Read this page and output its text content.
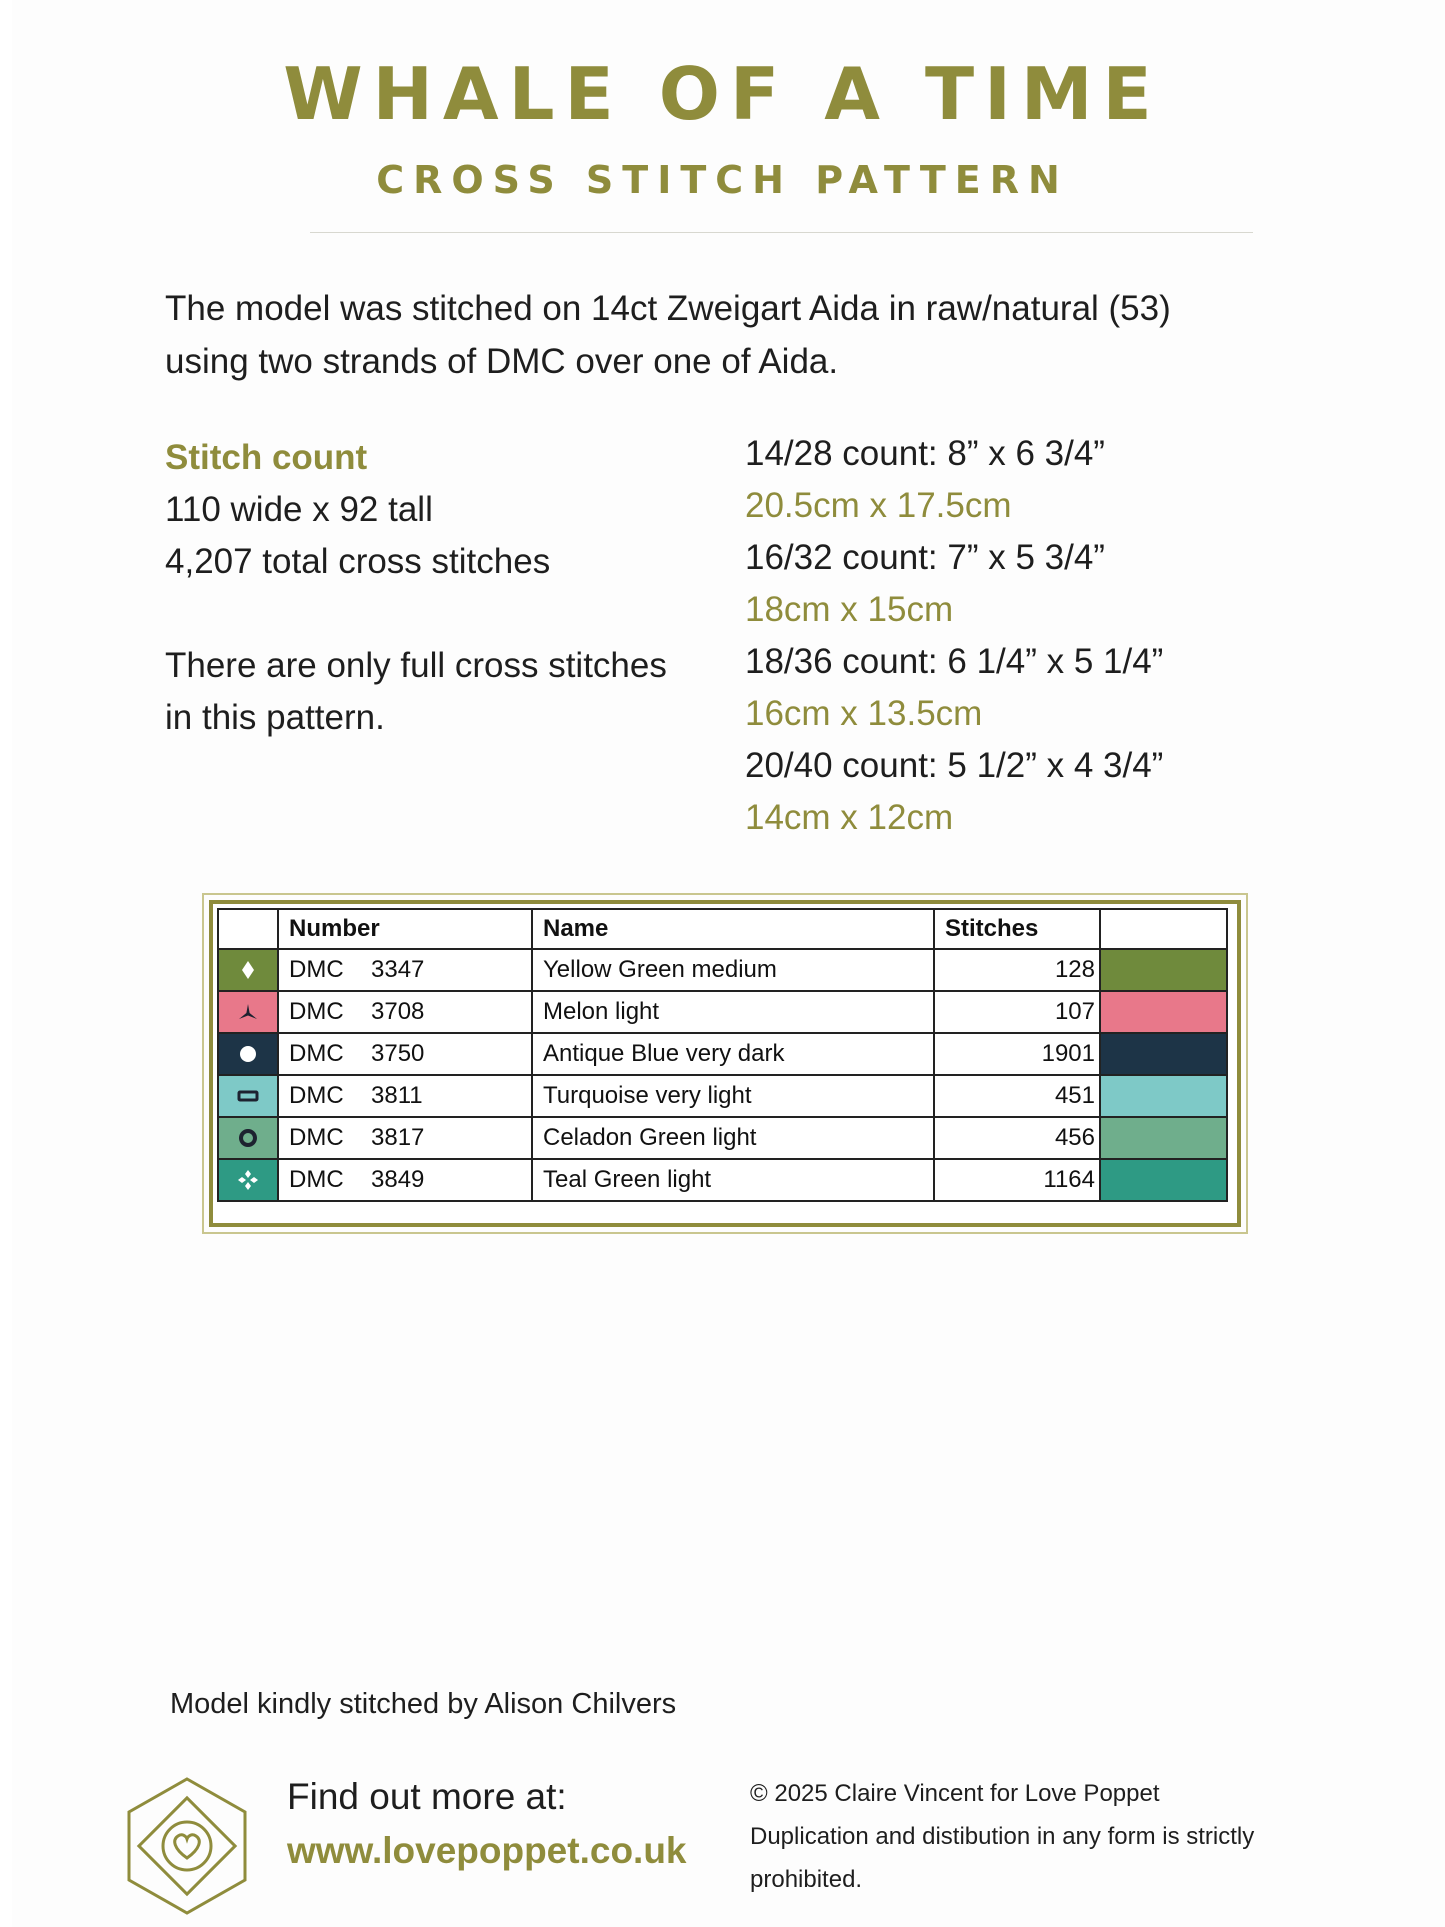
WHALE OF A TIME
CROSS STITCH PATTERN
The model was stitched on 14ct Zweigart Aida in raw/natural (53)
using two strands of DMC over one of Aida.
Stitch count
110 wide x 92 tall
4,207 total cross stitches
There are only full cross stitches
in this pattern.
14/28 count: 8” x 6 3/4”
20.5cm x 17.5cm
16/32 count: 7” x 5 3/4”
18cm x 15cm
18/36 count: 6 1/4” x 5 1/4”
16cm x 13.5cm
20/40 count: 5 1/2” x 4 3/4”
14cm x 12cm
	Number	Name	Stitches	

	DMC 3347	Yellow Green medium	128	

	DMC 3708	Melon light	107	

	DMC 3750	Antique Blue very dark	1901	

	DMC 3811	Turquoise very light	451	

	DMC 3817	Celadon Green light	456	

	DMC 3849	Teal Green light	1164	
Model kindly stitched by Alison Chilvers
Find out more at:
www.lovepoppet.co.uk
© 2025 Claire Vincent for Love Poppet
Duplication and distibution in any form is strictly
prohibited.
